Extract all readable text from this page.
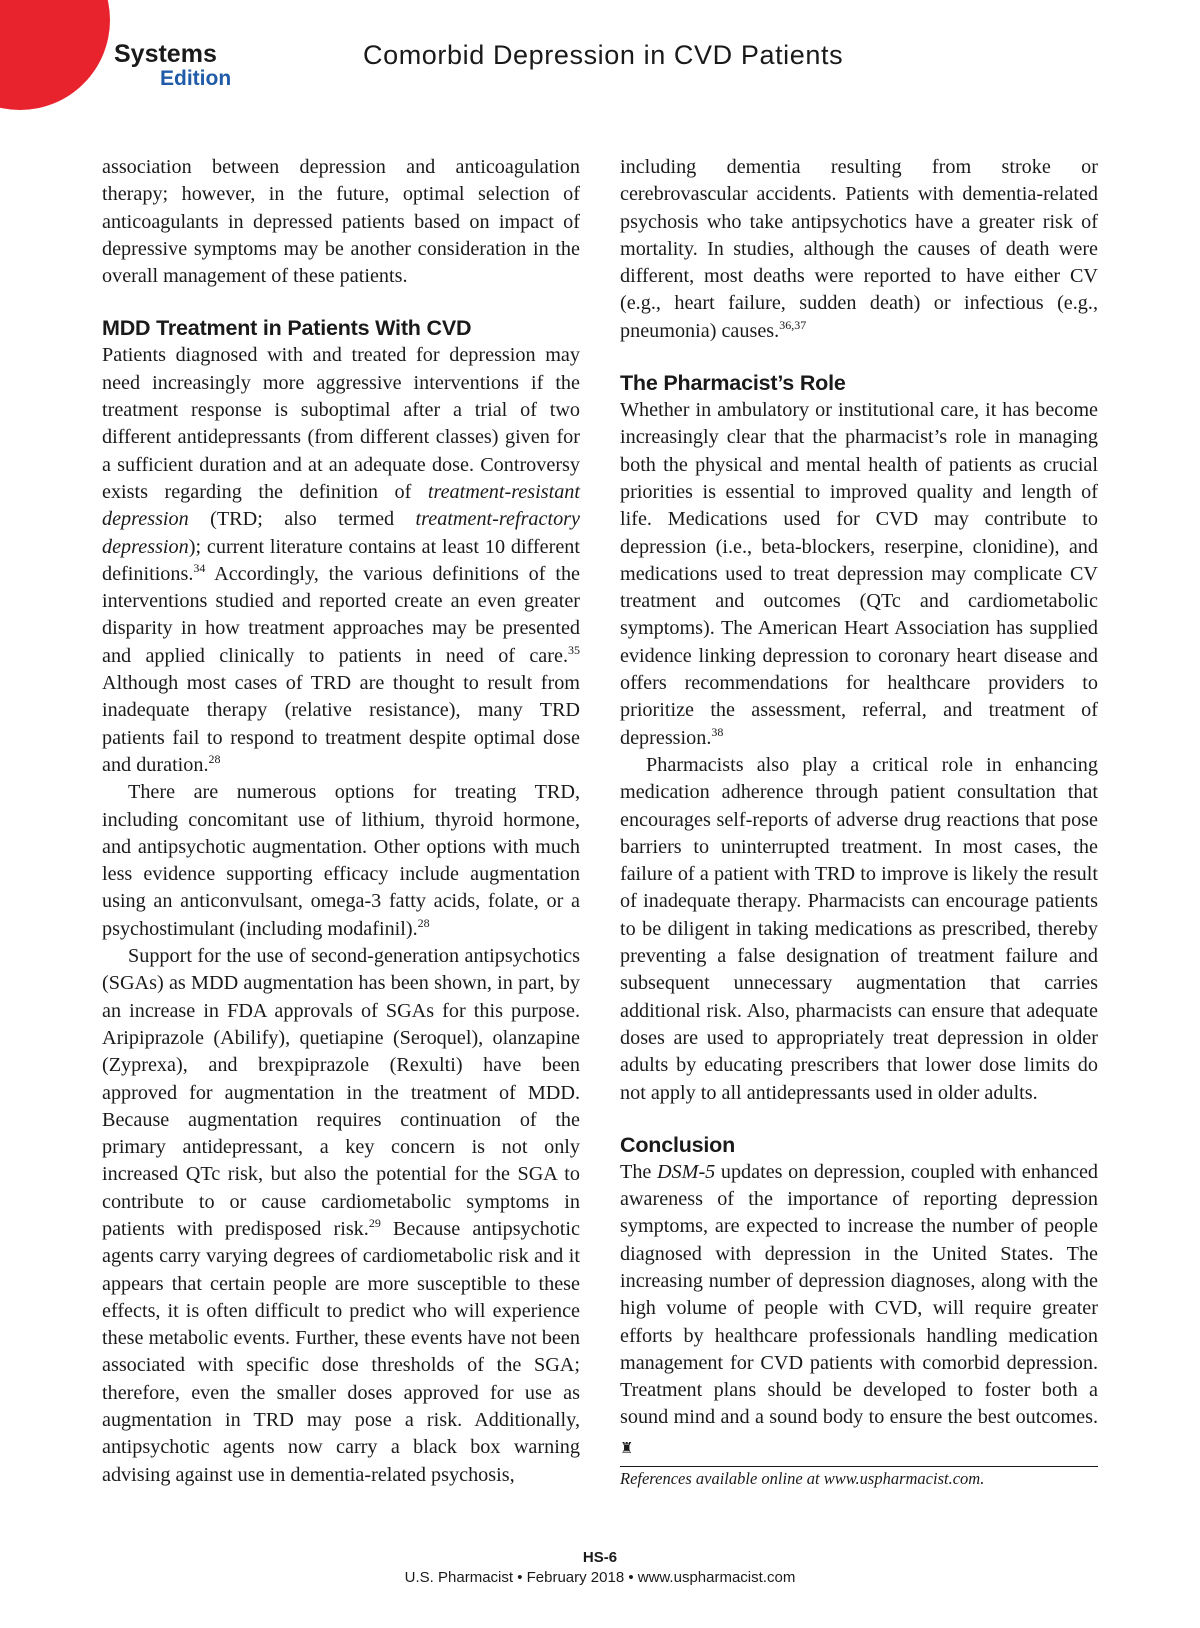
Systems
Edition
Comorbid Depression in CVD Patients

association between depression and anticoagulation therapy; however, in the future, optimal selection of anticoagulants in depressed patients based on impact of depressive symptoms may be another consideration in the overall management of these patients.

MDD Treatment in Patients With CVD

Patients diagnosed with and treated for depression may need increasingly more aggressive interventions if the treatment response is suboptimal after a trial of two different antidepressants (from different classes) given for a sufficient duration and at an adequate dose. Controversy exists regarding the definition of treatment-resistant depression (TRD; also termed treatment-refractory depression); current literature contains at least 10 different definitions.$^{34}$ Accordingly, the various definitions of the interventions studied and reported create an even greater disparity in how treatment approaches may be presented and applied clinically to patients in need of care.$^{35}$ Although most cases of TRD are thought to result from inadequate therapy (relative resistance), many TRD patients fail to respond to treatment despite optimal dose and duration.$^{28}$

There are numerous options for treating TRD, including concomitant use of lithium, thyroid hormone, and antipsychotic augmentation. Other options with much less evidence supporting efficacy include augmentation using an anticonvulsant, omega-3 fatty acids, folate, or a psychostimulant (including modafinil).$^{28}$

Support for the use of second-generation antipsychotics (SGAs) as MDD augmentation has been shown, in part, by an increase in FDA approvals of SGAs for this purpose. Aripiprazole (Abilify), quetiapine (Seroquel), olanzapine (Zyprexa), and brexpiprazole (Rexulti) have been approved for augmentation in the treatment of MDD. Because augmentation requires continuation of the primary antidepressant, a key concern is not only increased QTc risk, but also the potential for the SGA to contribute to or cause cardiometabolic symptoms in patients with predisposed risk.$^{29}$ Because antipsychotic agents carry varying degrees of cardiometabolic risk and it appears that certain people are more susceptible to these effects, it is often difficult to predict who will experience these metabolic events. Further, these events have not been associated with specific dose thresholds of the SGA; therefore, even the smaller doses approved for use as augmentation in TRD may pose a risk. Additionally, antipsychotic agents now carry a black box warning advising against use in dementia-related psychosis,

including dementia resulting from stroke or cerebrovascular accidents. Patients with dementia-related psychosis who take antipsychotics have a greater risk of mortality. In studies, although the causes of death were different, most deaths were reported to have either CV (e.g., heart failure, sudden death) or infectious (e.g., pneumonia) causes.$^{36,37}$

The Pharmacist’s Role

Whether in ambulatory or institutional care, it has become increasingly clear that the pharmacist’s role in managing both the physical and mental health of patients as crucial priorities is essential to improved quality and length of life. Medications used for CVD may contribute to depression (i.e., beta-blockers, reserpine, clonidine), and medications used to treat depression may complicate CV treatment and outcomes (QTc and cardiometabolic symptoms). The American Heart Association has supplied evidence linking depression to coronary heart disease and offers recommendations for healthcare providers to prioritize the assessment, referral, and treatment of depression.$^{38}$

Pharmacists also play a critical role in enhancing medication adherence through patient consultation that encourages self-reports of adverse drug reactions that pose barriers to uninterrupted treatment. In most cases, the failure of a patient with TRD to improve is likely the result of inadequate therapy. Pharmacists can encourage patients to be diligent in taking medications as prescribed, thereby preventing a false designation of treatment failure and subsequent unnecessary augmentation that carries additional risk. Also, pharmacists can ensure that adequate doses are used to appropriately treat depression in older adults by educating prescribers that lower dose limits do not apply to all antidepressants used in older adults.

Conclusion

The DSM-5 updates on depression, coupled with enhanced awareness of the importance of reporting depression symptoms, are expected to increase the number of people diagnosed with depression in the United States. The increasing number of depression diagnoses, along with the high volume of people with CVD, will require greater efforts by healthcare professionals handling medication management for CVD patients with comorbid depression. Treatment plans should be developed to foster both a sound mind and a sound body to ensure the best outcomes. ♜

References available online at www.uspharmacist.com.
HS-6
U.S. Pharmacist • February 2018 • www.uspharmacist.com
